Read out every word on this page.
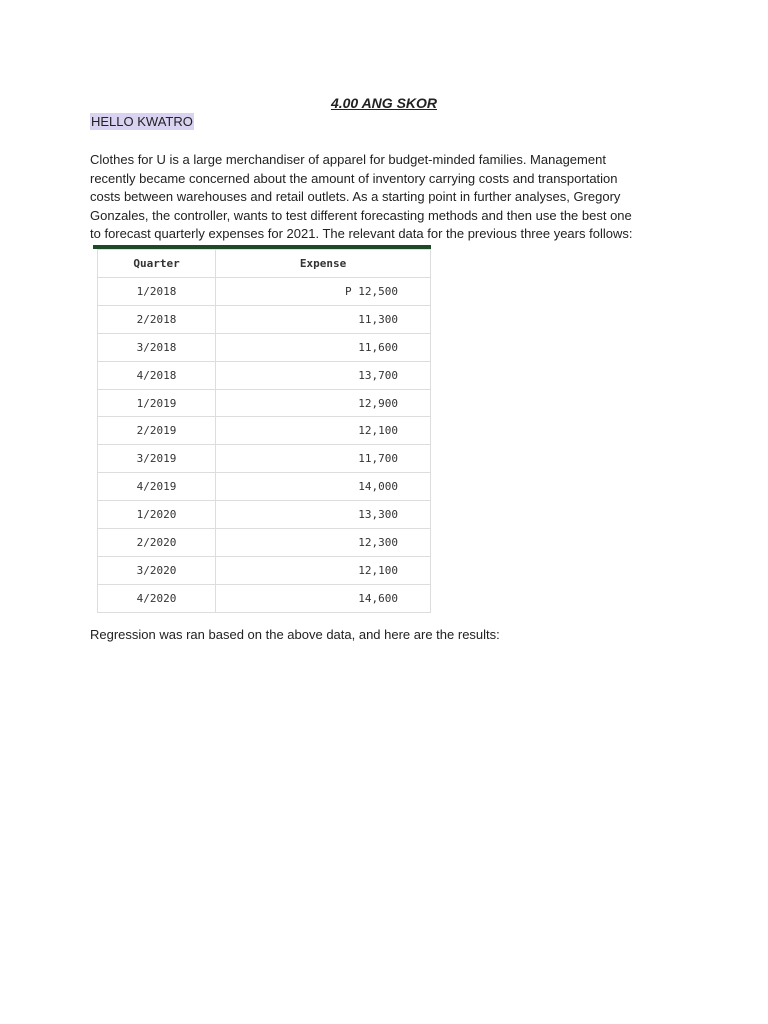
4.00 ANG SKOR
HELLO KWATRO

Clothes for U is a large merchandiser of apparel for budget-minded families. Management
recently became concerned about the amount of inventory carrying costs and transportation
costs between warehouses and retail outlets. As a starting point in further analyses, Gregory
Gonzales, the controller, wants to test different forecasting methods and then use the best one
to forecast quarterly expenses for 2021. The relevant data for the previous three years follows:

Quarter	Expense
1/2018	P 12,500
2/2018	11,300
3/2018	11,600
4/2018	13,700
1/2019	12,900
2/2019	12,100
3/2019	11,700
4/2019	14,000
1/2020	13,300
2/2020	12,300
3/2020	12,100
4/2020	14,600
Regression was ran based on the above data, and here are the results:
